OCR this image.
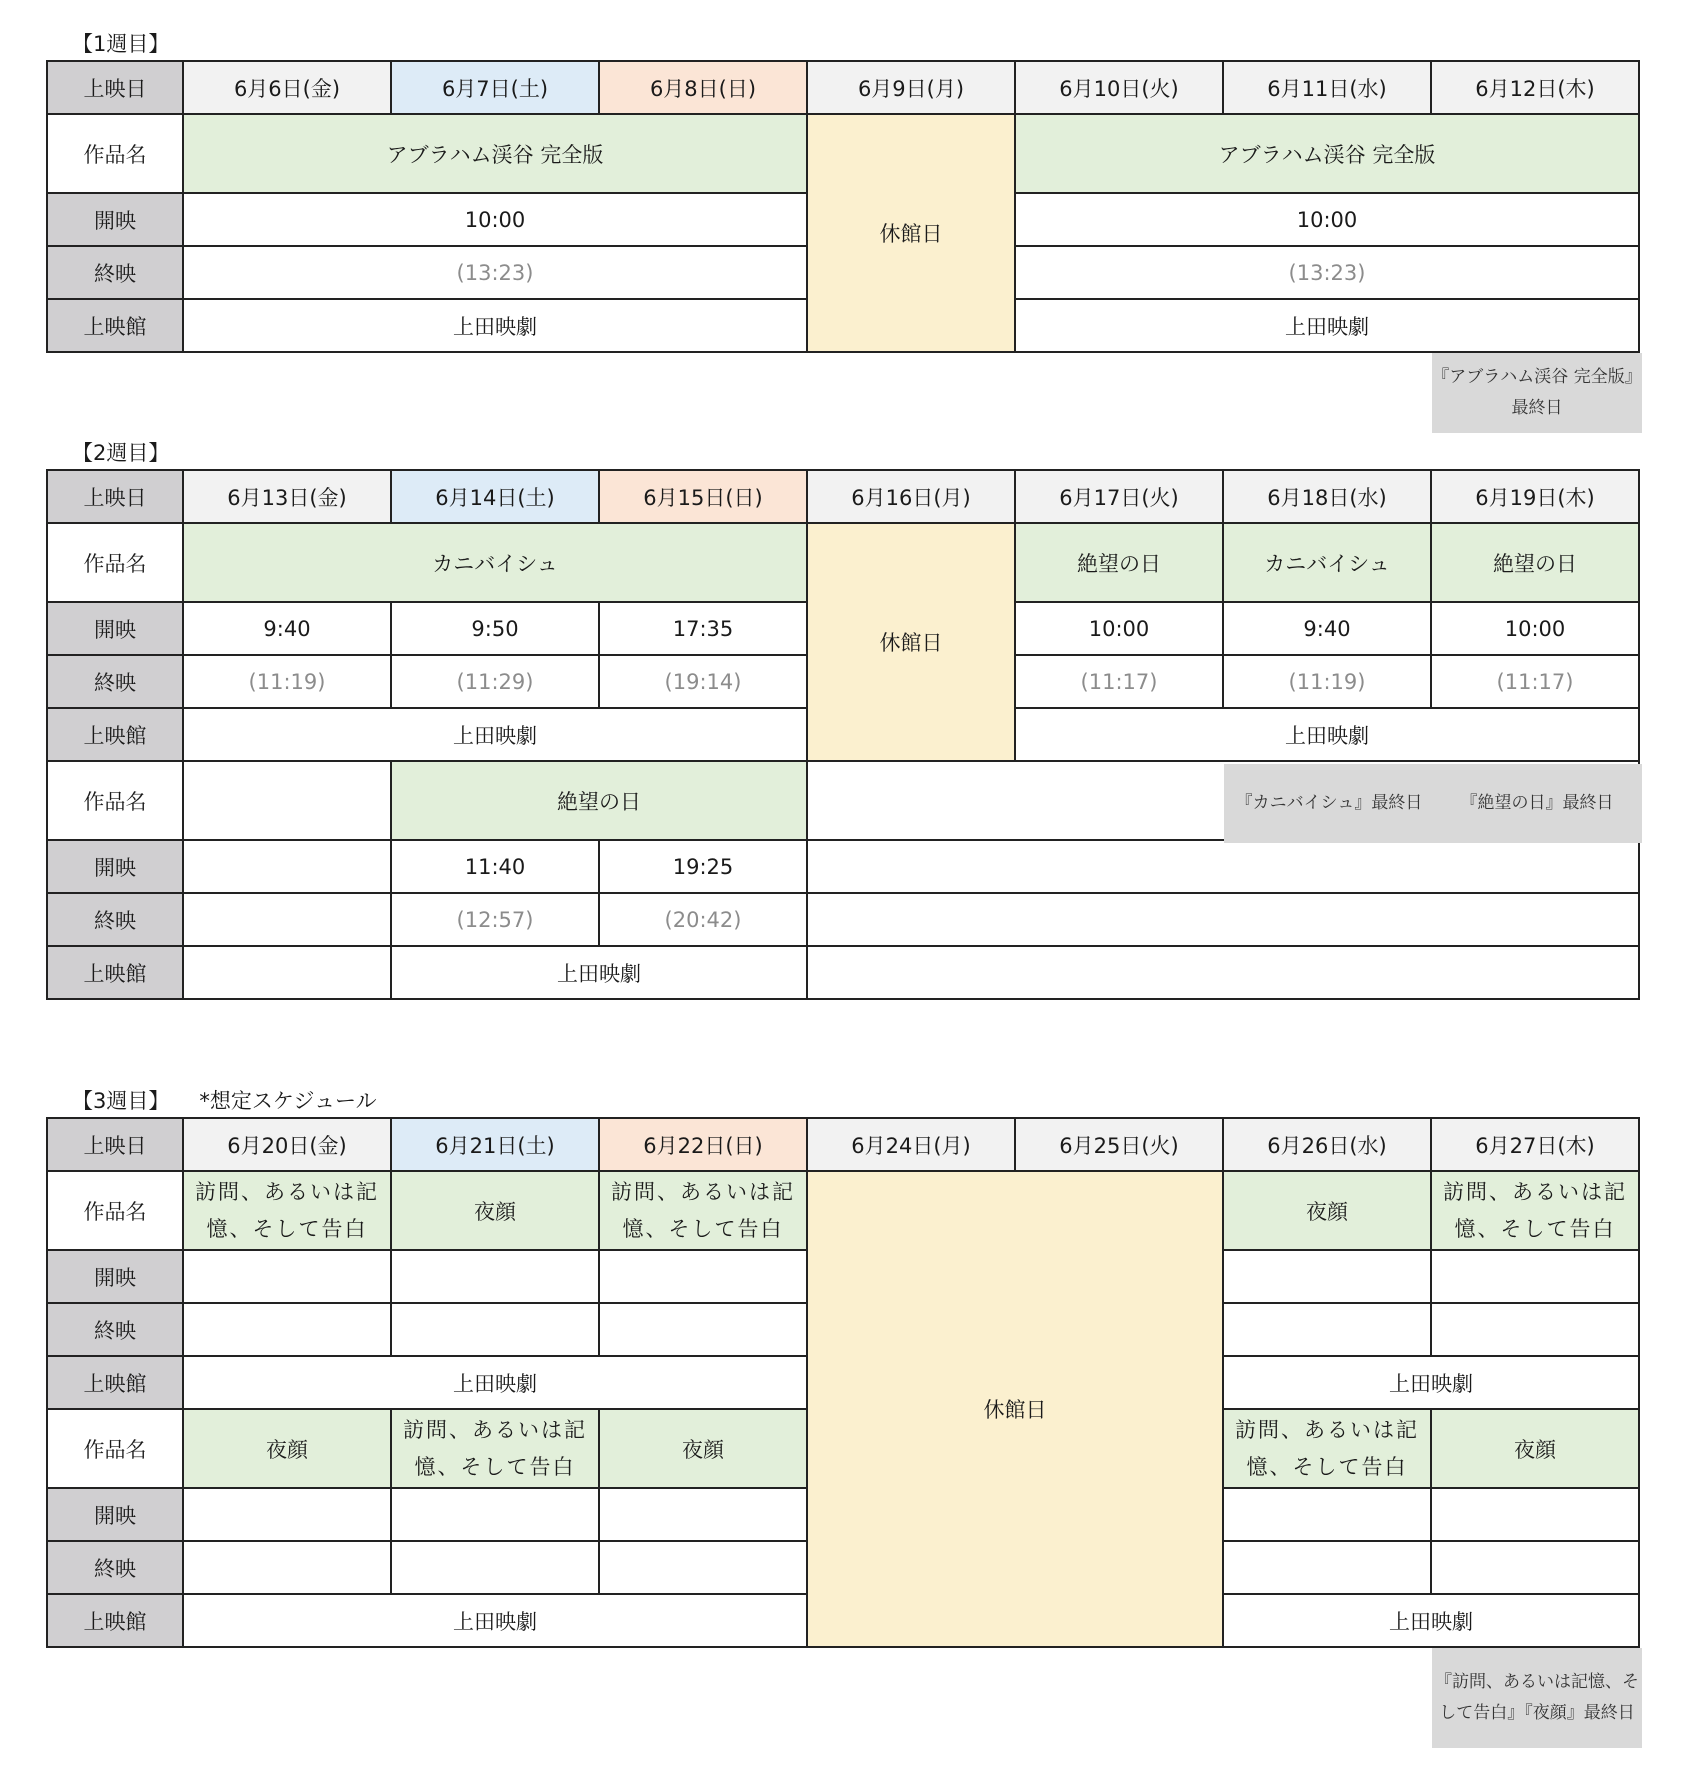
【1週目】
上映日	6月6日(金)	6月7日(土)	6月8日(日)	6月9日(月)	6月10日(火)	6月11日(水)	6月12日(木)
作品名	アブラハム渓谷 完全版			休館日	アブラハム渓谷 完全版		
開映	10:00				10:00		
終映	(13:23)				(13:23)		
上映館	上田映劇				上田映劇		
『アブラハム渓谷 完全版』最終日
【2週目】
上映日	6月13日(金)	6月14日(土)	6月15日(日)	6月16日(月)	6月17日(火)	6月18日(水)	6月19日(木)
作品名	カニバイシュ			休館日	絶望の日	カニバイシュ	絶望の日
開映	9:40	9:50	17:35		10:00	9:40	10:00
終映	(11:19)	(11:29)	(19:14)		(11:17)	(11:19)	(11:17)
上映館	上田映劇				上田映劇		
作品名		絶望の日					
開映		11:40	19:25				
終映		(12:57)	(20:42)				
上映館		上田映劇					
『カニバイシュ』最終日 『絶望の日』最終日
【3週目】 *想定スケジュール
上映日	6月20日(金)	6月21日(土)	6月22日(日)	6月24日(月)	6月25日(火)	6月26日(水)	6月27日(木)
作品名	訪問、あるいは記憶、そして告白	夜顔	訪問、あるいは記憶、そして告白	休館日		夜顔	訪問、あるいは記憶、そして告白
開映							
終映							
上映館	上田映劇					上田映劇	
作品名	夜顔	訪問、あるいは記憶、そして告白	夜顔			訪問、あるいは記憶、そして告白	夜顔
開映							
終映							
上映館	上田映劇					上田映劇	
『訪問、あるいは記憶、そして告白』『夜顔』最終日
